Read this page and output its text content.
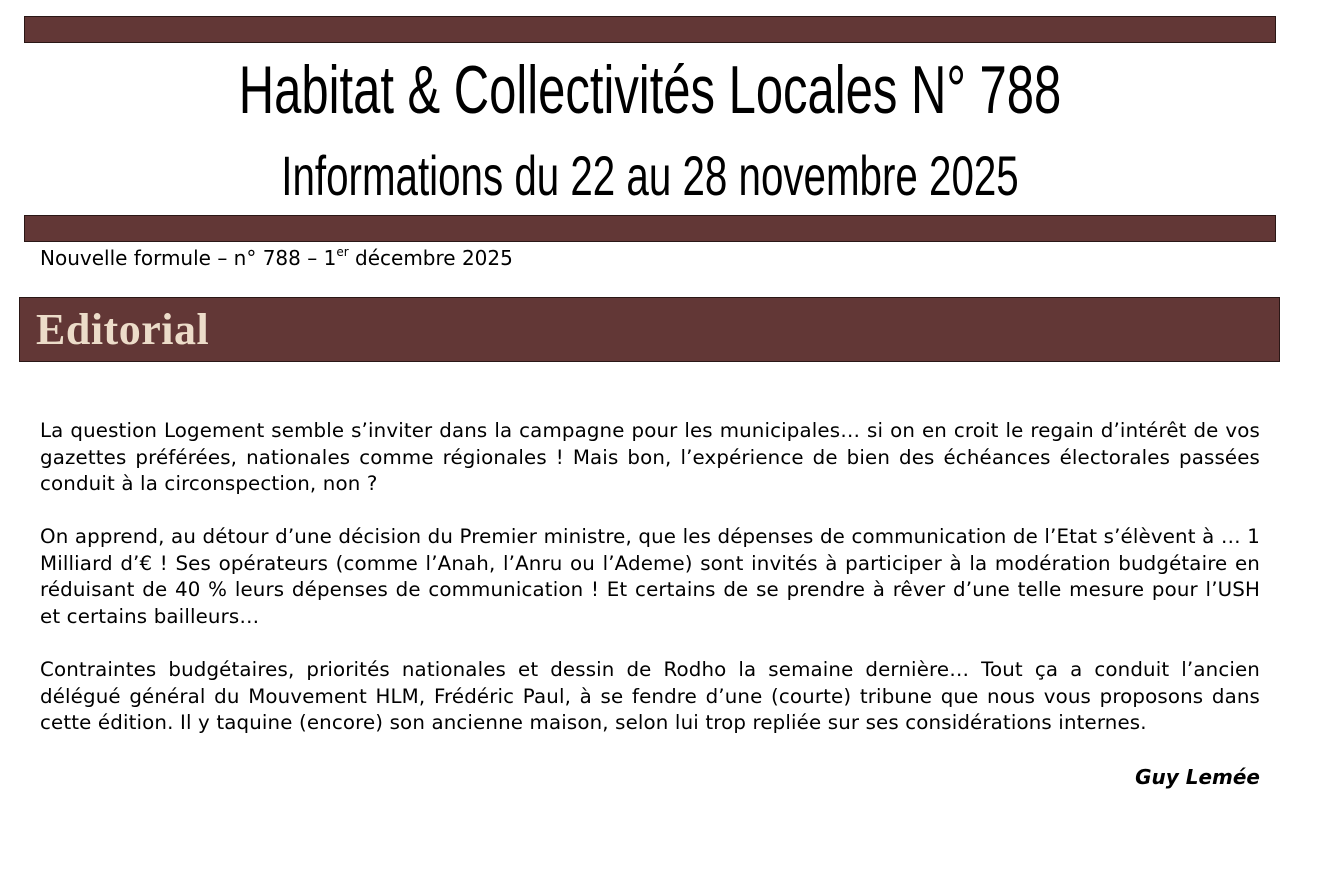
Habitat & Collectivités Locales N° 788
Informations du 22 au 28 novembre 2025
Nouvelle formule – n° 788 – 1er décembre 2025
Editorial

La question Logement semble s’inviter dans la campagne pour les municipales… si on en croit le regain d’intérêt de vos gazettes préférées, nationales comme régionales ! Mais bon, l’expérience de bien des échéances électorales passées conduit à la circonspection, non ?

On apprend, au détour d’une décision du Premier ministre, que les dépenses de communication de l’Etat s’élèvent à … 1 Milliard d’€ ! Ses opérateurs (comme l’Anah, l’Anru ou l’Ademe) sont invités à participer à la modération budgétaire en réduisant de 40 % leurs dépenses de communication ! Et certains de se prendre à rêver d’une telle mesure pour l’USH et certains bailleurs…

Contraintes budgétaires, priorités nationales et dessin de Rodho la semaine dernière… Tout ça a conduit l’ancien délégué général du Mouvement HLM, Frédéric Paul, à se fendre d’une (courte) tribune que nous vous proposons dans cette édition. Il y taquine (encore) son ancienne maison, selon lui trop repliée sur ses considérations internes.

Guy Lemée
